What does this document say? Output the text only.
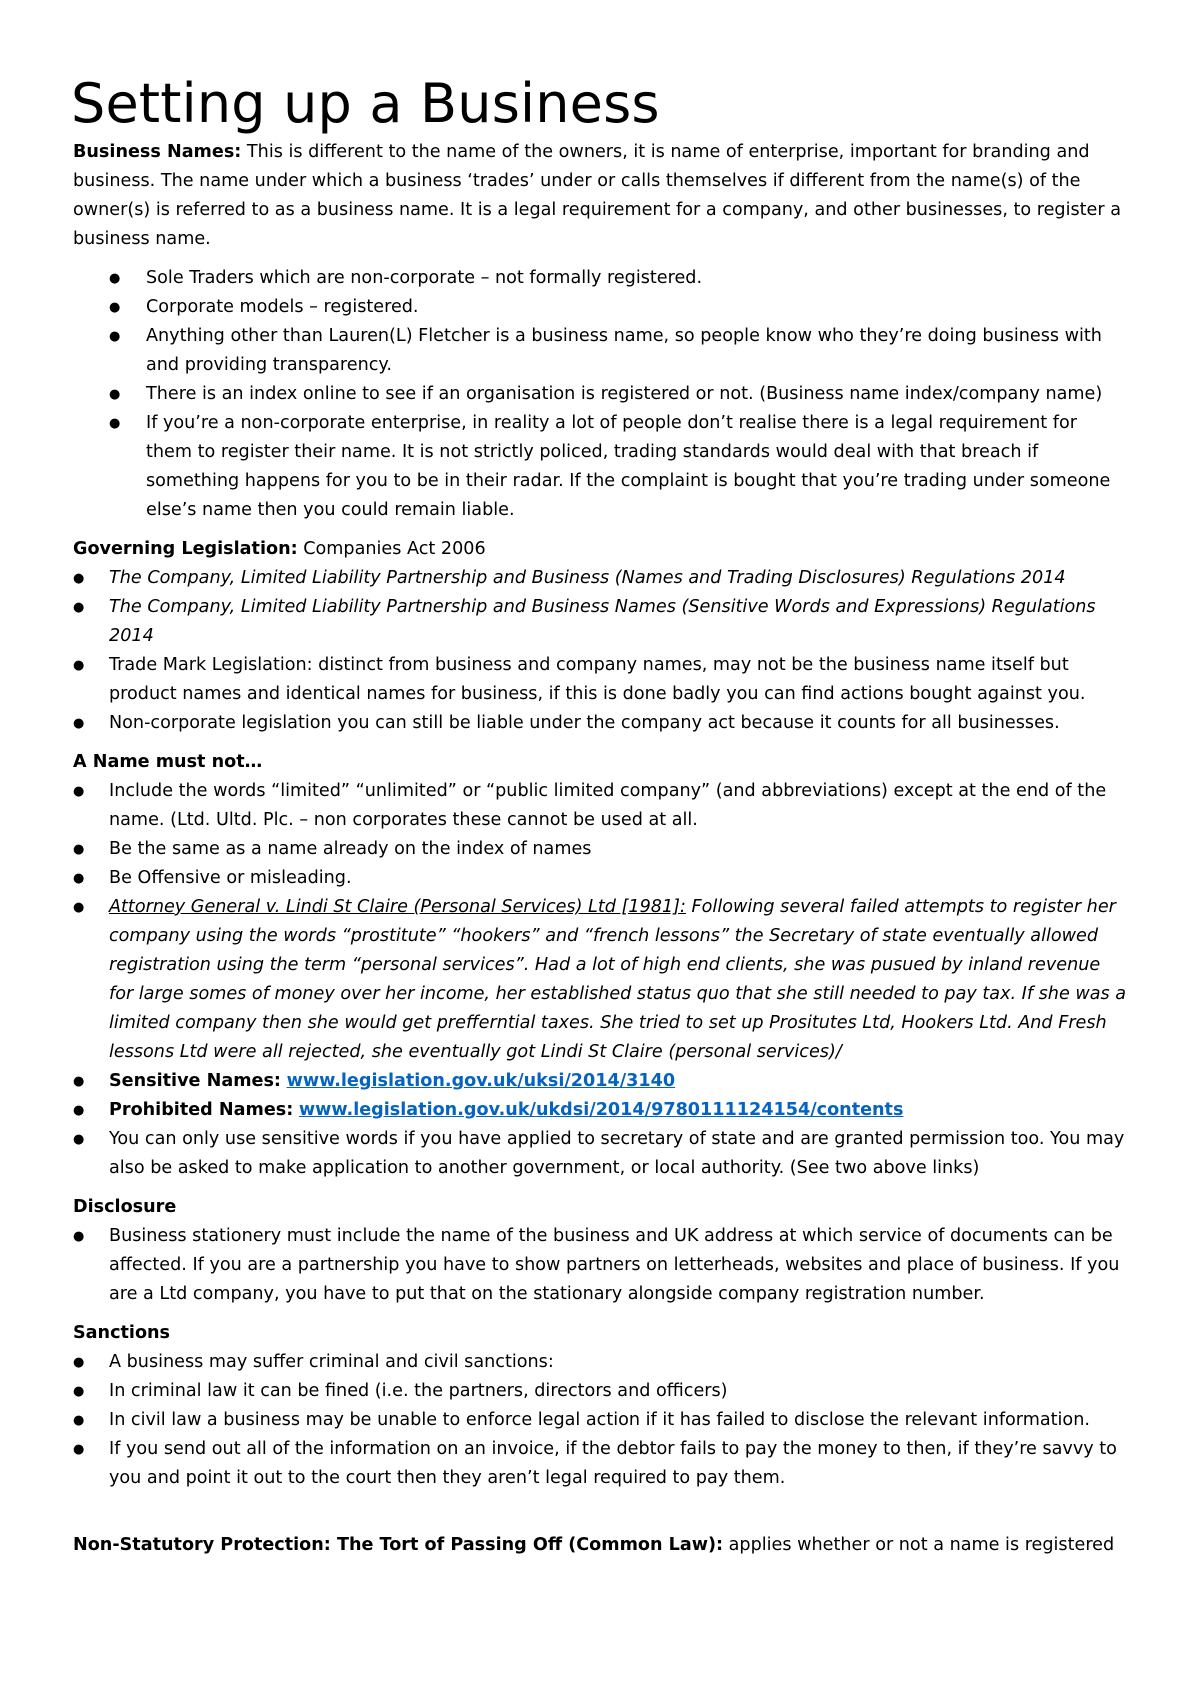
Setting up a Business

Business Names: This is different to the name of the owners, it is name of enterprise, important for branding and business. The name under which a business ‘trades’ under or calls themselves if different from the name(s) of the owner(s) is referred to as a business name. It is a legal requirement for a company, and other businesses, to register a business name.

● Sole Traders which are non-corporate – not formally registered.
● Corporate models – registered.
● Anything other than Lauren(L) Fletcher is a business name, so people know who they’re doing business with and providing transparency.
● There is an index online to see if an organisation is registered or not. (Business name index/company name)
● If you’re a non-corporate enterprise, in reality a lot of people don’t realise there is a legal requirement for them to register their name. It is not strictly policed, trading standards would deal with that breach if something happens for you to be in their radar. If the complaint is bought that you’re trading under someone else’s name then you could remain liable.

Governing Legislation: Companies Act 2006

● The Company, Limited Liability Partnership and Business (Names and Trading Disclosures) Regulations 2014
● The Company, Limited Liability Partnership and Business Names (Sensitive Words and Expressions) Regulations 2014
● Trade Mark Legislation: distinct from business and company names, may not be the business name itself but product names and identical names for business, if this is done badly you can find actions bought against you.
● Non-corporate legislation you can still be liable under the company act because it counts for all businesses.

A Name must not…

● Include the words “limited” “unlimited” or “public limited company” (and abbreviations) except at the end of the name. (Ltd. Ultd. Plc. – non corporates these cannot be used at all.
● Be the same as a name already on the index of names
● Be Offensive or misleading.
● Attorney General v. Lindi St Claire (Personal Services) Ltd [1981]: Following several failed attempts to register her company using the words “prostitute” “hookers” and “french lessons” the Secretary of state eventually allowed registration using the term “personal services”. Had a lot of high end clients, she was pusued by inland revenue for large somes of money over her income, her established status quo that she still needed to pay tax. If she was a limited company then she would get prefferntial taxes. She tried to set up Prositutes Ltd, Hookers Ltd. And Fresh lessons Ltd were all rejected, she eventually got Lindi St Claire (personal services)/
● Sensitive Names: www.legislation.gov.uk/uksi/2014/3140
● Prohibited Names: www.legislation.gov.uk/ukdsi/2014/9780111124154/contents
● You can only use sensitive words if you have applied to secretary of state and are granted permission too. You may also be asked to make application to another government, or local authority. (See two above links)

Disclosure

● Business stationery must include the name of the business and UK address at which service of documents can be affected. If you are a partnership you have to show partners on letterheads, websites and place of business. If you are a Ltd company, you have to put that on the stationary alongside company registration number.

Sanctions

● A business may suffer criminal and civil sanctions:
● In criminal law it can be fined (i.e. the partners, directors and officers)
● In civil law a business may be unable to enforce legal action if it has failed to disclose the relevant information.
● If you send out all of the information on an invoice, if the debtor fails to pay the money to then, if they’re savvy to you and point it out to the court then they aren’t legal required to pay them.

Non-Statutory Protection: The Tort of Passing Off (Common Law): applies whether or not a name is registered
